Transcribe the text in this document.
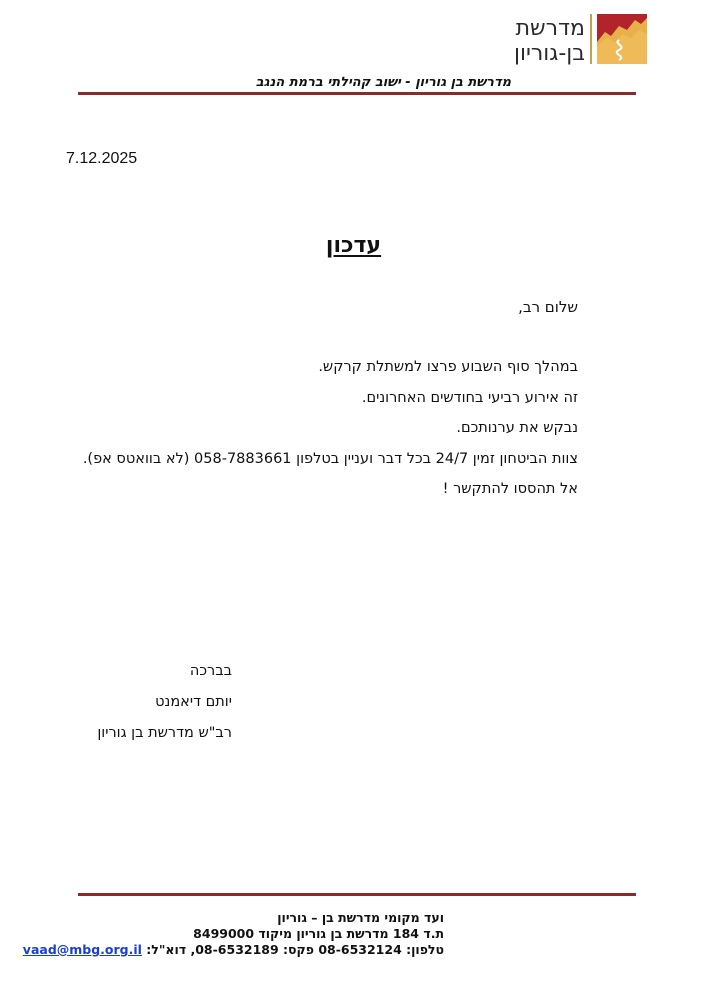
מדרשת
בן-גוריון
מדרשת בן גוריון - ישוב קהילתי ברמת הנגב
7.12.2025
עדכון
שלום רב,
במהלך סוף השבוע פרצו למשתלת קרקש.
זה אירוע רביעי בחודשים האחרונים.
נבקש את ערנותכם.
צוות הביטחון זמין 24/7 בכל דבר ועניין בטלפון 058-7883661 (לא בוואטס אפ).
אל תהססו להתקשר !
בברכה
יותם דיאמנט
רב"ש מדרשת בן גוריון
ועד מקומי מדרשת בן – גוריון
ת.ד 184 מדרשת בן גוריון מיקוד 8499000
טלפון: 08-6532124 פקס: 08-6532189, דוא"ל: vaad@mbg.org.il
